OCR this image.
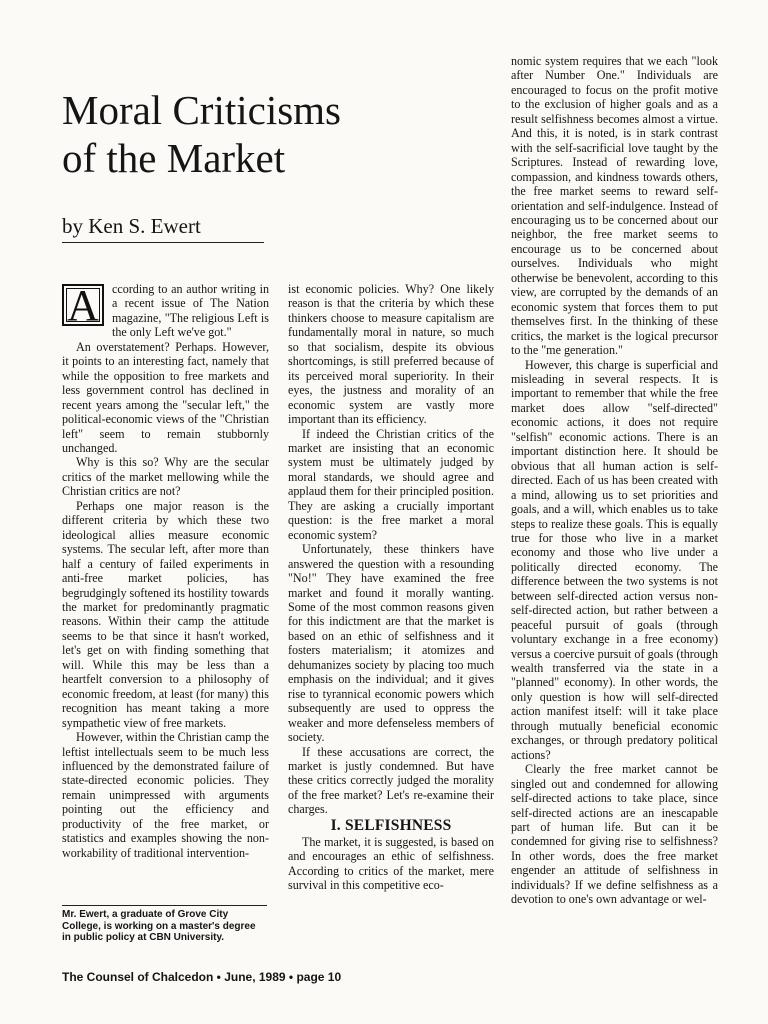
Moral Criticisms of the Market
by Ken S. Ewert

A	ccording to an author writing in a recent issue of The Nation magazine, "The religious Left is the only Left we've got."

An overstatement? Perhaps. However, it points to an interesting fact, namely that while the opposition to free markets and less government control has declined in recent years among the "secular left," the political-economic views of the "Christian left" seem to remain stubbornly unchanged.

Why is this so? Why are the secular critics of the market mellowing while the Christian critics are not?

Perhaps one major reason is the different criteria by which these two ideological allies measure economic systems. The secular left, after more than half a century of failed experiments in anti-free market policies, has begrudgingly softened its hostility towards the market for predominantly pragmatic reasons. Within their camp the attitude seems to be that since it hasn't worked, let's get on with finding something that will. While this may be less than a heartfelt conversion to a philosophy of economic freedom, at least (for many) this recognition has meant taking a more sympathetic view of free markets.

However, within the Christian camp the leftist intellectuals seem to be much less influenced by the demonstrated failure of state-directed economic policies. They remain unimpressed with arguments pointing out the efficiency and productivity of the free market, or statistics and examples showing the non-workability of traditional intervention-

ist economic policies. Why? One likely reason is that the criteria by which these thinkers choose to measure capitalism are fundamentally moral in nature, so much so that socialism, despite its obvious shortcomings, is still preferred because of its perceived moral superiority. In their eyes, the justness and morality of an economic system are vastly more important than its efficiency.

If indeed the Christian critics of the market are insisting that an economic system must be ultimately judged by moral standards, we should agree and applaud them for their principled position. They are asking a crucially important question: is the free market a moral economic system?

Unfortunately, these thinkers have answered the question with a resounding "No!" They have examined the free market and found it morally wanting. Some of the most common reasons given for this indictment are that the market is based on an ethic of selfishness and it fosters materialism; it atomizes and dehumanizes society by placing too much emphasis on the individual; and it gives rise to tyrannical economic powers which subsequently are used to oppress the weaker and more defenseless members of society.

If these accusations are correct, the market is justly condemned. But have these critics correctly judged the morality of the free market? Let's re-examine their charges.

I. SELFISHNESS

The market, it is suggested, is based on and encourages an ethic of selfishness. According to critics of the market, mere survival in this competitive eco-

nomic system requires that we each "look after Number One." Individuals are encouraged to focus on the profit motive to the exclusion of higher goals and as a result selfishness becomes almost a virtue. And this, it is noted, is in stark contrast with the self-sacrificial love taught by the Scriptures. Instead of rewarding love, compassion, and kindness towards others, the free market seems to reward self-orientation and self-indulgence. Instead of encouraging us to be concerned about our neighbor, the free market seems to encourage us to be concerned about ourselves. Individuals who might otherwise be benevolent, according to this view, are corrupted by the demands of an economic system that forces them to put themselves first. In the thinking of these critics, the market is the logical precursor to the "me generation."

However, this charge is superficial and misleading in several respects. It is important to remember that while the free market does allow "self-directed" economic actions, it does not require "selfish" economic actions. There is an important distinction here. It should be obvious that all human action is self-directed. Each of us has been created with a mind, allowing us to set priorities and goals, and a will, which enables us to take steps to realize these goals. This is equally true for those who live in a market economy and those who live under a politically directed economy. The difference between the two systems is not between self-directed action versus non-self-directed action, but rather between a peaceful pursuit of goals (through voluntary exchange in a free economy) versus a coercive pursuit of goals (through wealth transferred via the state in a "planned" economy). In other words, the only question is how will self-directed action manifest itself: will it take place through mutually beneficial economic exchanges, or through predatory political actions?

Clearly the free market cannot be singled out and condemned for allowing self-directed actions to take place, since self-directed actions are an inescapable part of human life. But can it be condemned for giving rise to selfishness? In other words, does the free market engender an attitude of selfishness in individuals? If we define selfishness as a devotion to one's own advantage or wel-

Mr. Ewert, a graduate of Grove City College, is working on a master's degree in public policy at CBN University.
The Counsel of Chalcedon • June, 1989 • page 10
